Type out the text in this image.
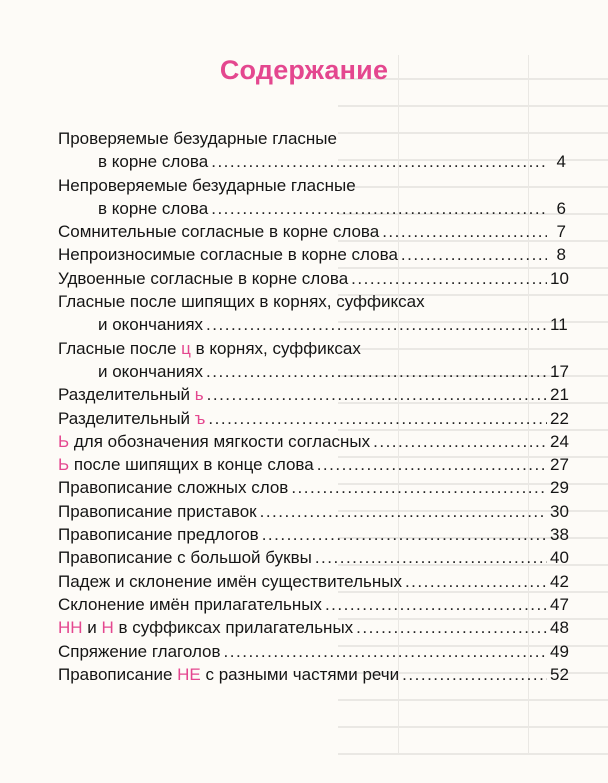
Содержание
Проверяемые безударные гласные
в корне слова .....	4
Непроверяемые безударные гласные
в корне слова .....	6
Сомнительные согласные в корне слова .....	7
Непроизносимые согласные в корне слова .....	8
Удвоенные согласные в корне слова .....	10
Гласные после шипящих в корнях, суффиксах
и окончаниях .....	11
Гласные после ц в корнях, суффиксах
и окончаниях .....	17
Разделительный ь .....	21
Разделительный ъ .....	22
Ь для обозначения мягкости согласных .....	24
Ь после шипящих в конце слова .....	27
Правописание сложных слов .....	29
Правописание приставок .....	30
Правописание предлогов .....	38
Правописание с большой буквы .....	40
Падеж и склонение имён существительных .....	42
Склонение имён прилагательных .....	47
НН и Н в суффиксах прилагательных .....	48
Спряжение глаголов .....	49
Правописание НЕ с разными частями речи .....	52
